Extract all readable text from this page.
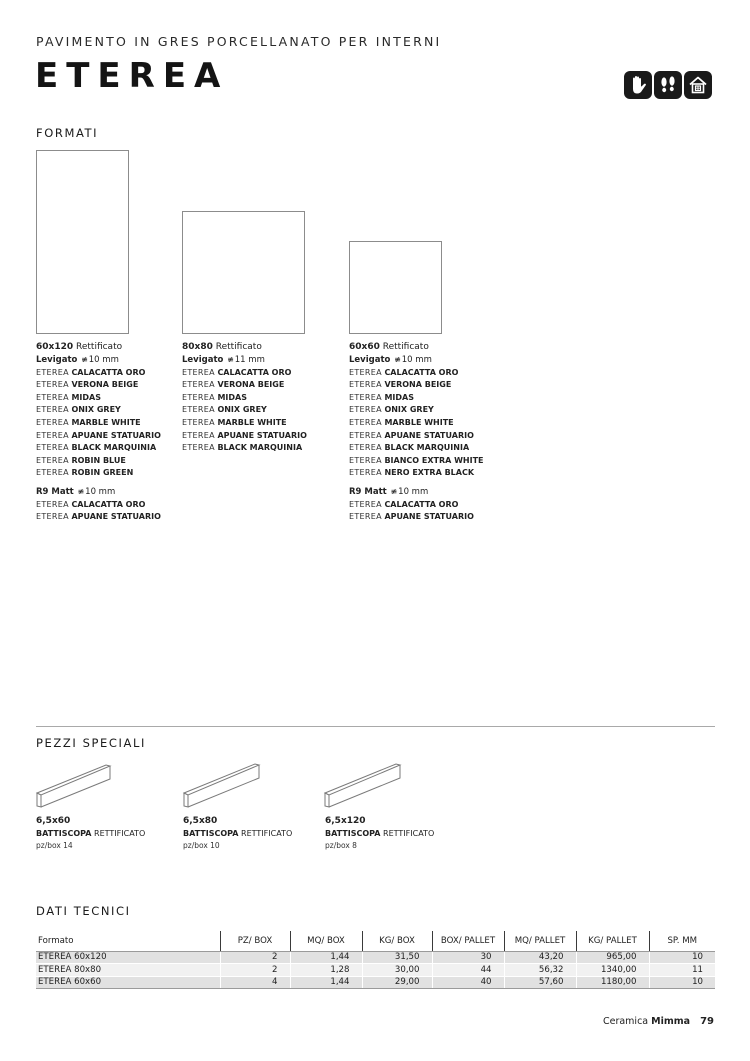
PAVIMENTO IN GRES PORCELLANATO PER INTERNI
ETEREA
FORMATI
60x120 Rettificato
Levigato ≢10 mm
ETEREA CALACATTA ORO
ETEREA VERONA BEIGE
ETEREA MIDAS
ETEREA ONIX GREY
ETEREA MARBLE WHITE
ETEREA APUANE STATUARIO
ETEREA BLACK MARQUINIA
ETEREA ROBIN BLUE
ETEREA ROBIN GREEN
R9 Matt ≢10 mm
ETEREA CALACATTA ORO
ETEREA APUANE STATUARIO
80x80 Rettificato
Levigato ≢11 mm
ETEREA CALACATTA ORO
ETEREA VERONA BEIGE
ETEREA MIDAS
ETEREA ONIX GREY
ETEREA MARBLE WHITE
ETEREA APUANE STATUARIO
ETEREA BLACK MARQUINIA
60x60 Rettificato
Levigato ≢10 mm
ETEREA CALACATTA ORO
ETEREA VERONA BEIGE
ETEREA MIDAS
ETEREA ONIX GREY
ETEREA MARBLE WHITE
ETEREA APUANE STATUARIO
ETEREA BLACK MARQUINIA
ETEREA BIANCO EXTRA WHITE
ETEREA NERO EXTRA BLACK
R9 Matt ≢10 mm
ETEREA CALACATTA ORO
ETEREA APUANE STATUARIO
PEZZI SPECIALI
6,5x60
BATTISCOPA RETTIFICATO
pz/box 14
6,5x80
BATTISCOPA RETTIFICATO
pz/box 10
6,5x120
BATTISCOPA RETTIFICATO
pz/box 8
DATI TECNICI
Formato	PZ/ BOX	MQ/ BOX	KG/ BOX	BOX/ PALLET	MQ/ PALLET	KG/ PALLET	SP. MM
ETEREA 60x120	2	1,44	31,50	30	43,20	965,00	10
ETEREA 80x80	2	1,28	30,00	44	56,32	1340,00	11
ETEREA 60x60	4	1,44	29,00	40	57,60	1180,00	10
Ceramica Mimma 79
